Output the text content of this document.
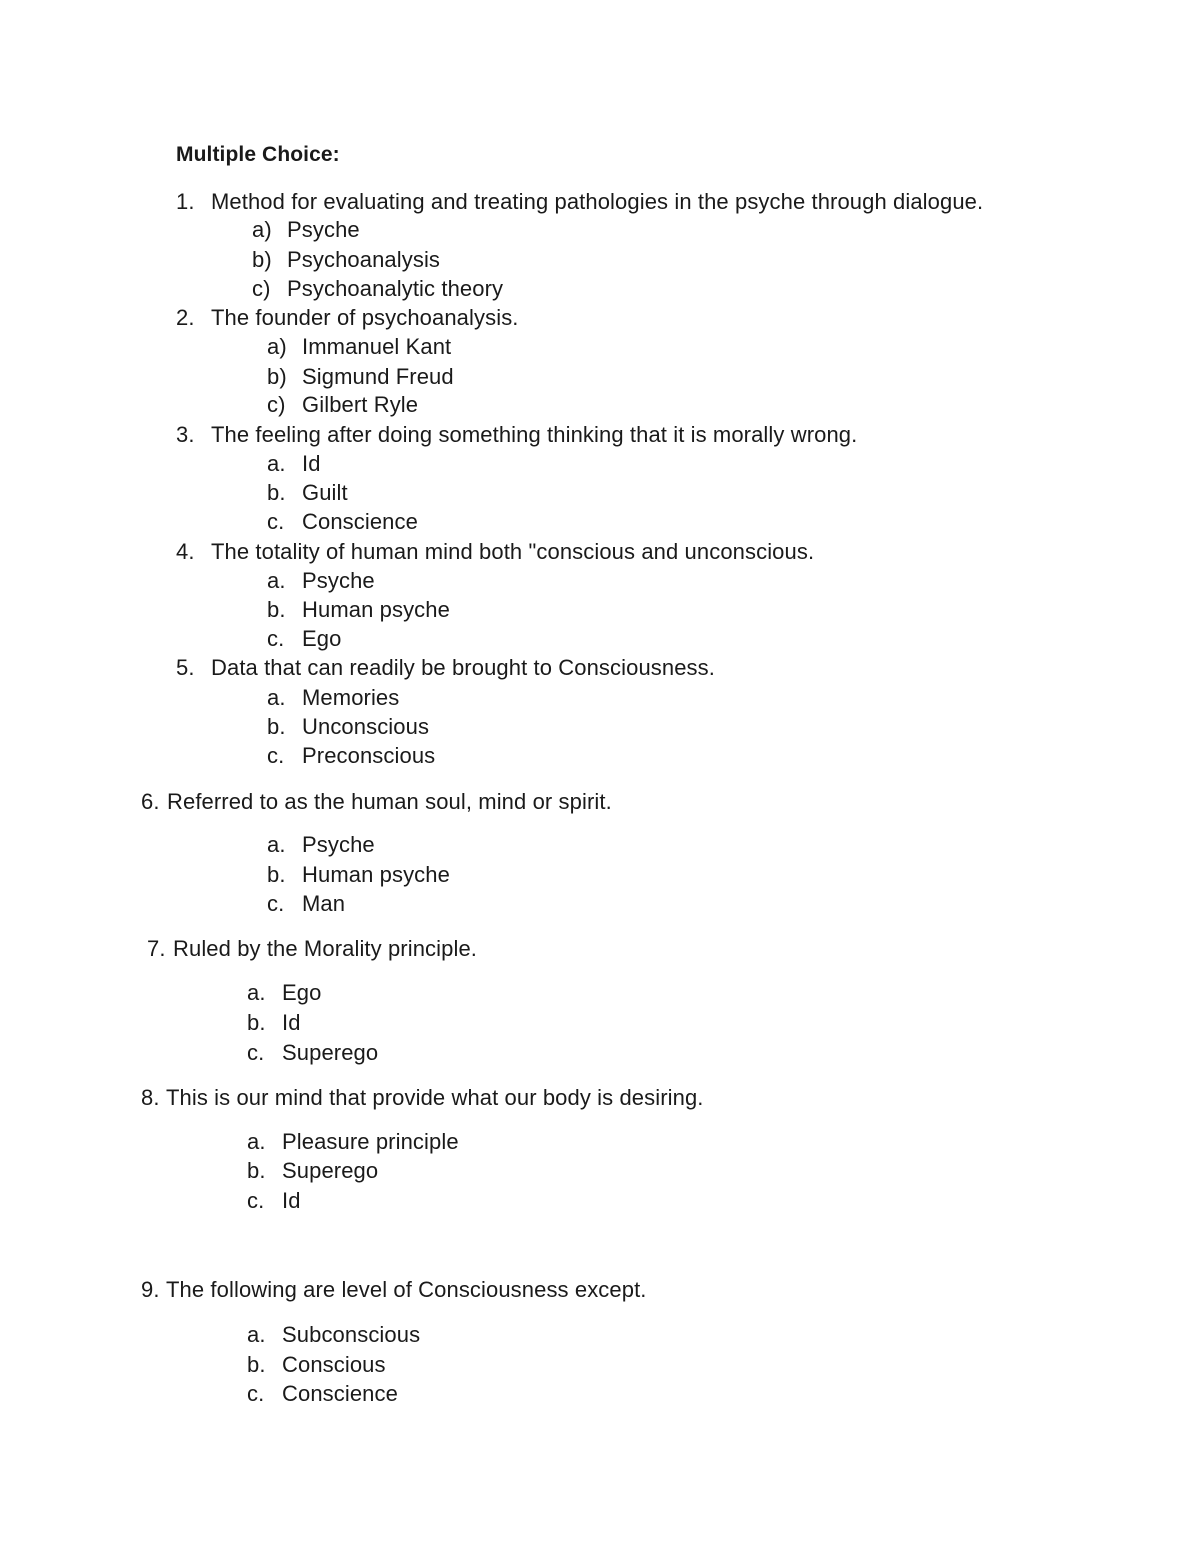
Multiple Choice:
1. Method for evaluating and treating pathologies in the psyche through dialogue.
a) Psyche
b) Psychoanalysis
c) Psychoanalytic theory
2. The founder of psychoanalysis.
a) Immanuel Kant
b) Sigmund Freud
c) Gilbert Ryle
3. The feeling after doing something thinking that it is morally wrong.
a. Id
b. Guilt
c. Conscience
4. The totality of human mind both "conscious and unconscious.
a. Psyche
b. Human psyche
c. Ego
5. Data that can readily be brought to Consciousness.
a. Memories
b. Unconscious
c. Preconscious
6. Referred to as the human soul, mind or spirit.
a. Psyche
b. Human psyche
c. Man
7. Ruled by the Morality principle.
a. Ego
b. Id
c. Superego
8. This is our mind that provide what our body is desiring.
a. Pleasure principle
b. Superego
c. Id
9. The following are level of Consciousness except.
a. Subconscious
b. Conscious
c. Conscience
